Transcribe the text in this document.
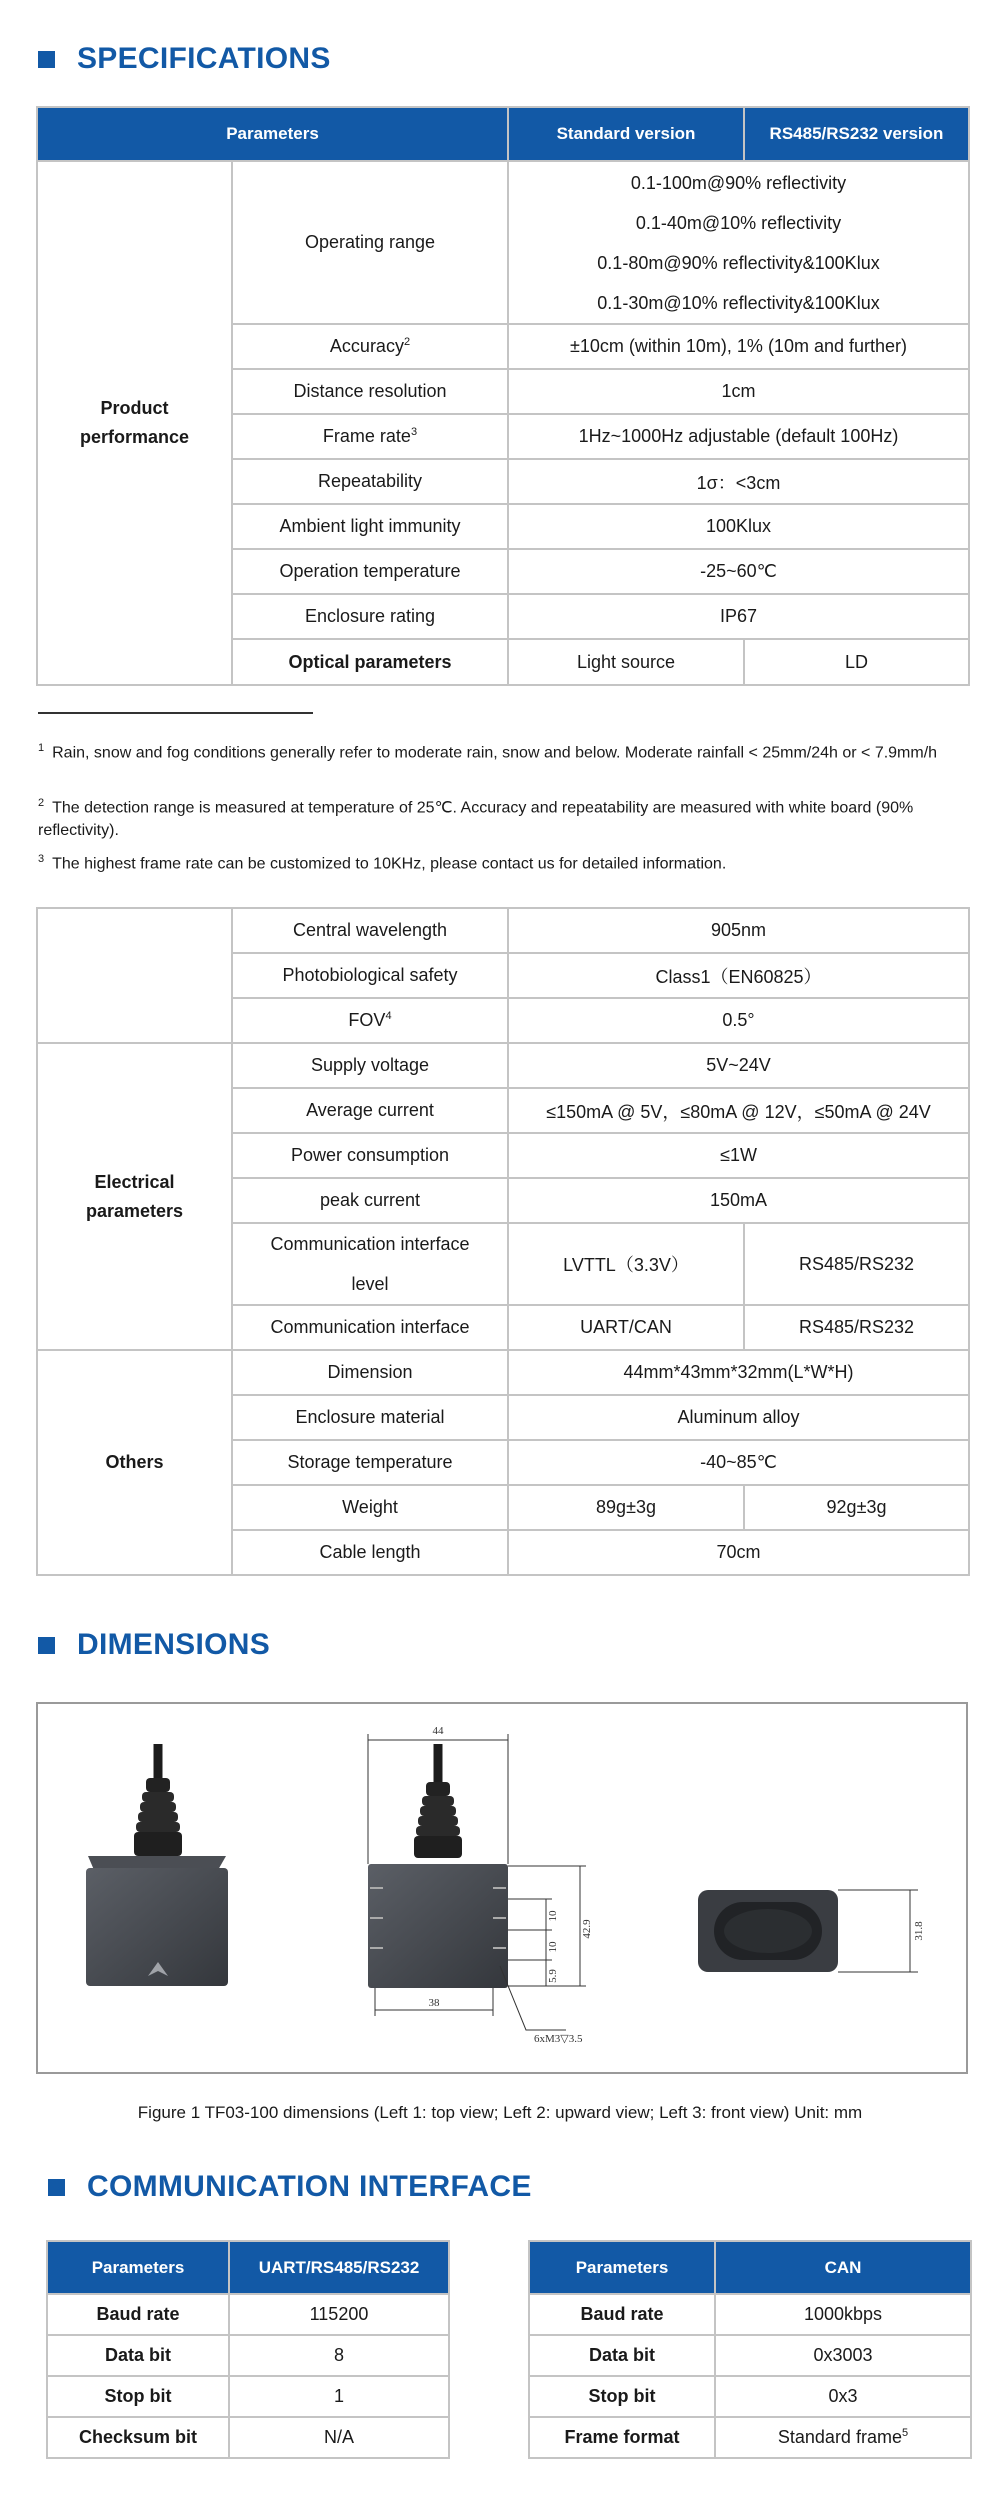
SPECIFICATIONS
Parameters		Standard version	RS485/RS232 version
Product performance	Operating range	0.1-100m@90% reflectivity
0.1-40m@10% reflectivity
0.1-80m@90% reflectivity&100Klux
0.1-30m@10% reflectivity&100Klux	

	Accuracy$^2$	±10cm (within 10m), 1% (10m and further)	
	Distance resolution	1cm	
	Frame rate$^3$	1Hz~1000Hz adjustable (default 100Hz)	
	Repeatability	1σ：<3cm	
	Ambient light immunity	100Klux	
	Operation temperature	-25~60℃	
	Enclosure rating	IP67	
	Optical parameters	Light source	LD
$^1$ Rain, snow and fog conditions generally refer to moderate rain, snow and below. Moderate rainfall < 25mm/24h or < 7.9mm/h
$^2$ The detection range is measured at temperature of 25℃. Accuracy and repeatability are measured with white board (90% reflectivity).
$^3$ The highest frame rate can be customized to 10KHz, please contact us for detailed information.
	Central wavelength	905nm	
	Photobiological safety	Class1（EN60825）	
	FOV$^4$	0.5°	
Electrical parameters	Supply voltage	5V~24V	
	Average current	≤150mA @ 5V，≤80mA @ 12V，≤50mA @ 24V	
	Power consumption	≤1W	
	peak current	150mA	

	Communication interface
level	LVTTL（3.3V）	RS485/RS232
	Communication interface	UART/CAN	RS485/RS232
Others	Dimension	44mm*43mm*32mm(L*W*H)	
	Enclosure material	Aluminum alloy	
	Storage temperature	-40~85℃	
	Weight	89g±3g	92g±3g
	Cable length	70cm	
DIMENSIONS
44
42.9
10
10
5.9
38
6xM3▽3.5
31.8
Figure 1 TF03-100 dimensions (Left 1: top view; Left 2: upward view; Left 3: front view) Unit: mm
COMMUNICATION INTERFACE
Parameters	UART/RS485/RS232
Baud rate	115200
Data bit	8
Stop bit	1
Checksum bit	N/A
Parameters	CAN
Baud rate	1000kbps
Data bit	0x3003
Stop bit	0x3
Frame format	Standard frame$^5$
